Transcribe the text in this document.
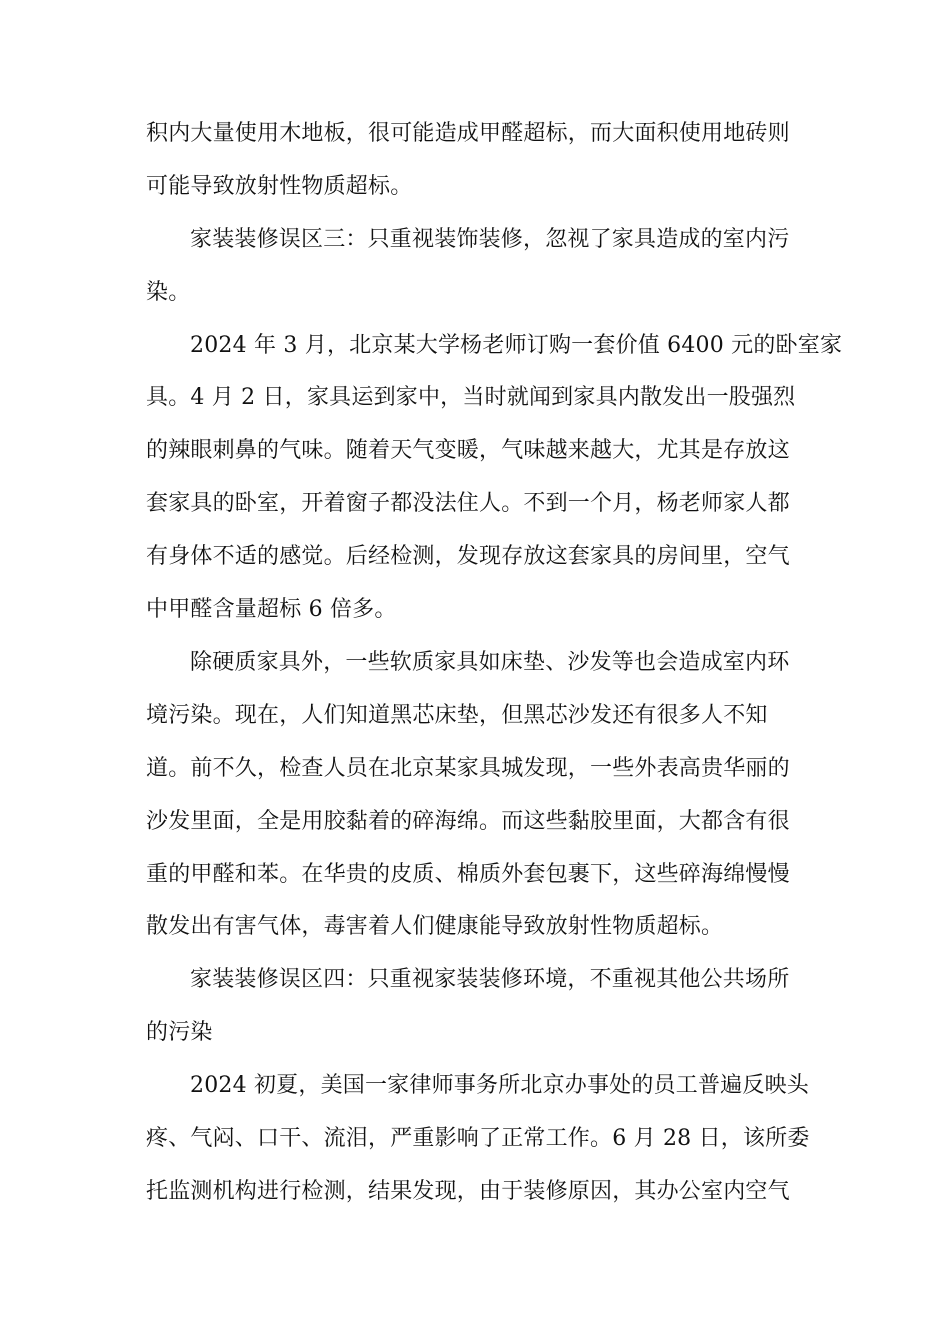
积内大量使用木地板，很可能造成甲醛超标，而大面积使用地砖则
可能导致放射性物质超标。
家装装修误区三：只重视装饰装修，忽视了家具造成的室内污
染。
2024 年 3 月，北京某大学杨老师订购一套价值 6400 元的卧室家
具。4 月 2 日，家具运到家中，当时就闻到家具内散发出一股强烈
的辣眼刺鼻的气味。随着天气变暖，气味越来越大，尤其是存放这
套家具的卧室，开着窗子都没法住人。不到一个月，杨老师家人都
有身体不适的感觉。后经检测，发现存放这套家具的房间里，空气
中甲醛含量超标 6 倍多。
除硬质家具外，一些软质家具如床垫、沙发等也会造成室内环
境污染。现在，人们知道黑芯床垫，但黑芯沙发还有很多人不知
道。前不久，检查人员在北京某家具城发现，一些外表高贵华丽的
沙发里面，全是用胶黏着的碎海绵。而这些黏胶里面，大都含有很
重的甲醛和苯。在华贵的皮质、棉质外套包裹下，这些碎海绵慢慢
散发出有害气体，毒害着人们健康能导致放射性物质超标。
家装装修误区四：只重视家装装修环境，不重视其他公共场所
的污染
2024 初夏，美国一家律师事务所北京办事处的员工普遍反映头
疼、气闷、口干、流泪，严重影响了正常工作。6 月 28 日，该所委
托监测机构进行检测，结果发现，由于装修原因，其办公室内空气
